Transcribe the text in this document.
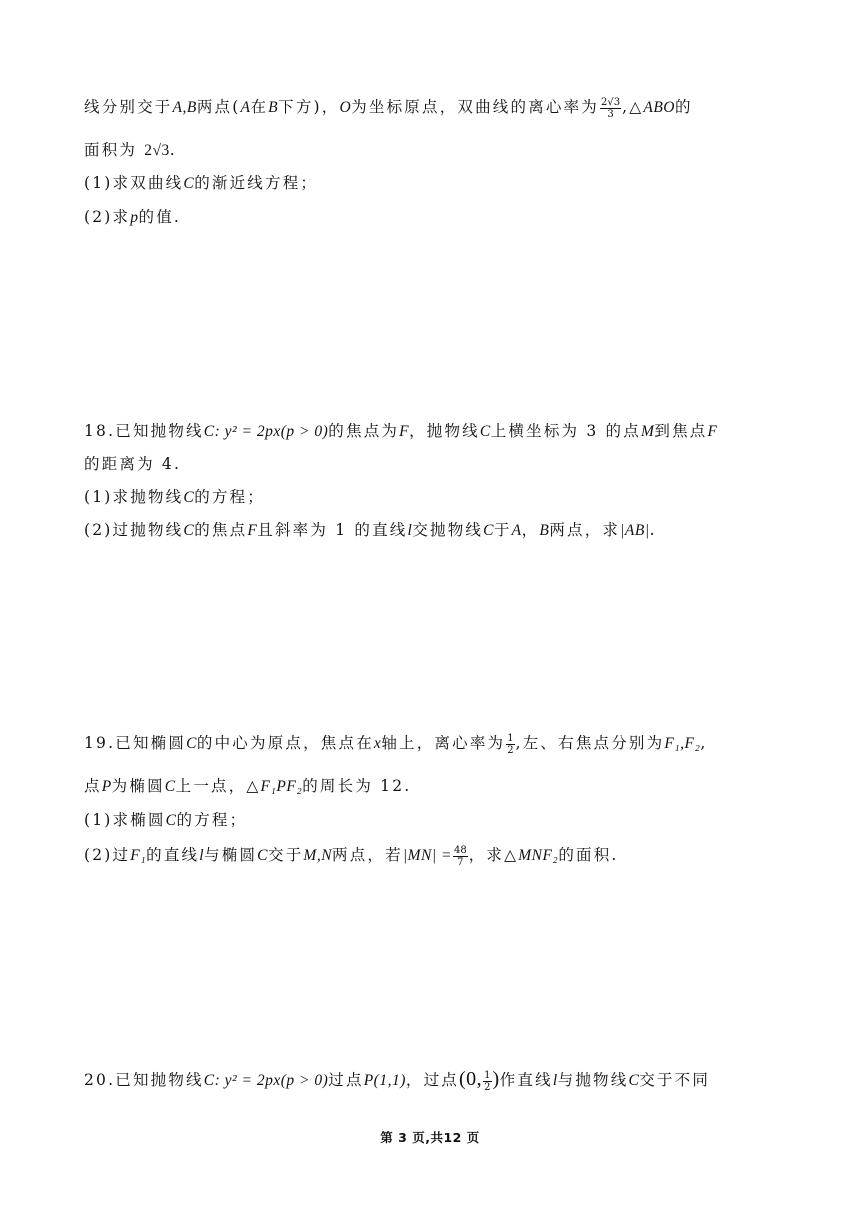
线分别交于A,B两点(A在B下方)，O为坐标原点，双曲线的离心率为 $\frac{2√3}{3}$ ,△ABO的
面积为 2√3.
(1)求双曲线C的渐近线方程；
(2)求p的值.
18.已知抛物线C: y² = 2px(p > 0)的焦点为F，抛物线C上横坐标为 3 的点M到焦点F
的距离为 4.
(1)求抛物线C的方程；
(2)过抛物线C的焦点F且斜率为 1 的直线l交抛物线C于A，B两点，求|AB|.
19.已知椭圆C的中心为原点，焦点在x轴上，离心率为 $\frac{1}{2}$ ,左、右焦点分别为F₁,F₂,
点P为椭圆C上一点，△F₁PF₂的周长为 12.
(1)求椭圆C的方程；
(2)过F₁的直线l与椭圆C交于M,N两点，若$|MN| = \frac{48}{7}$ ，求△MNF₂的面积.
20.已知抛物线C: y² = 2px(p > 0)过点P(1,1)，过点(0, $\frac{1}{2}$ )作直线l与抛物线C交于不同
第 3 页,共12 页
